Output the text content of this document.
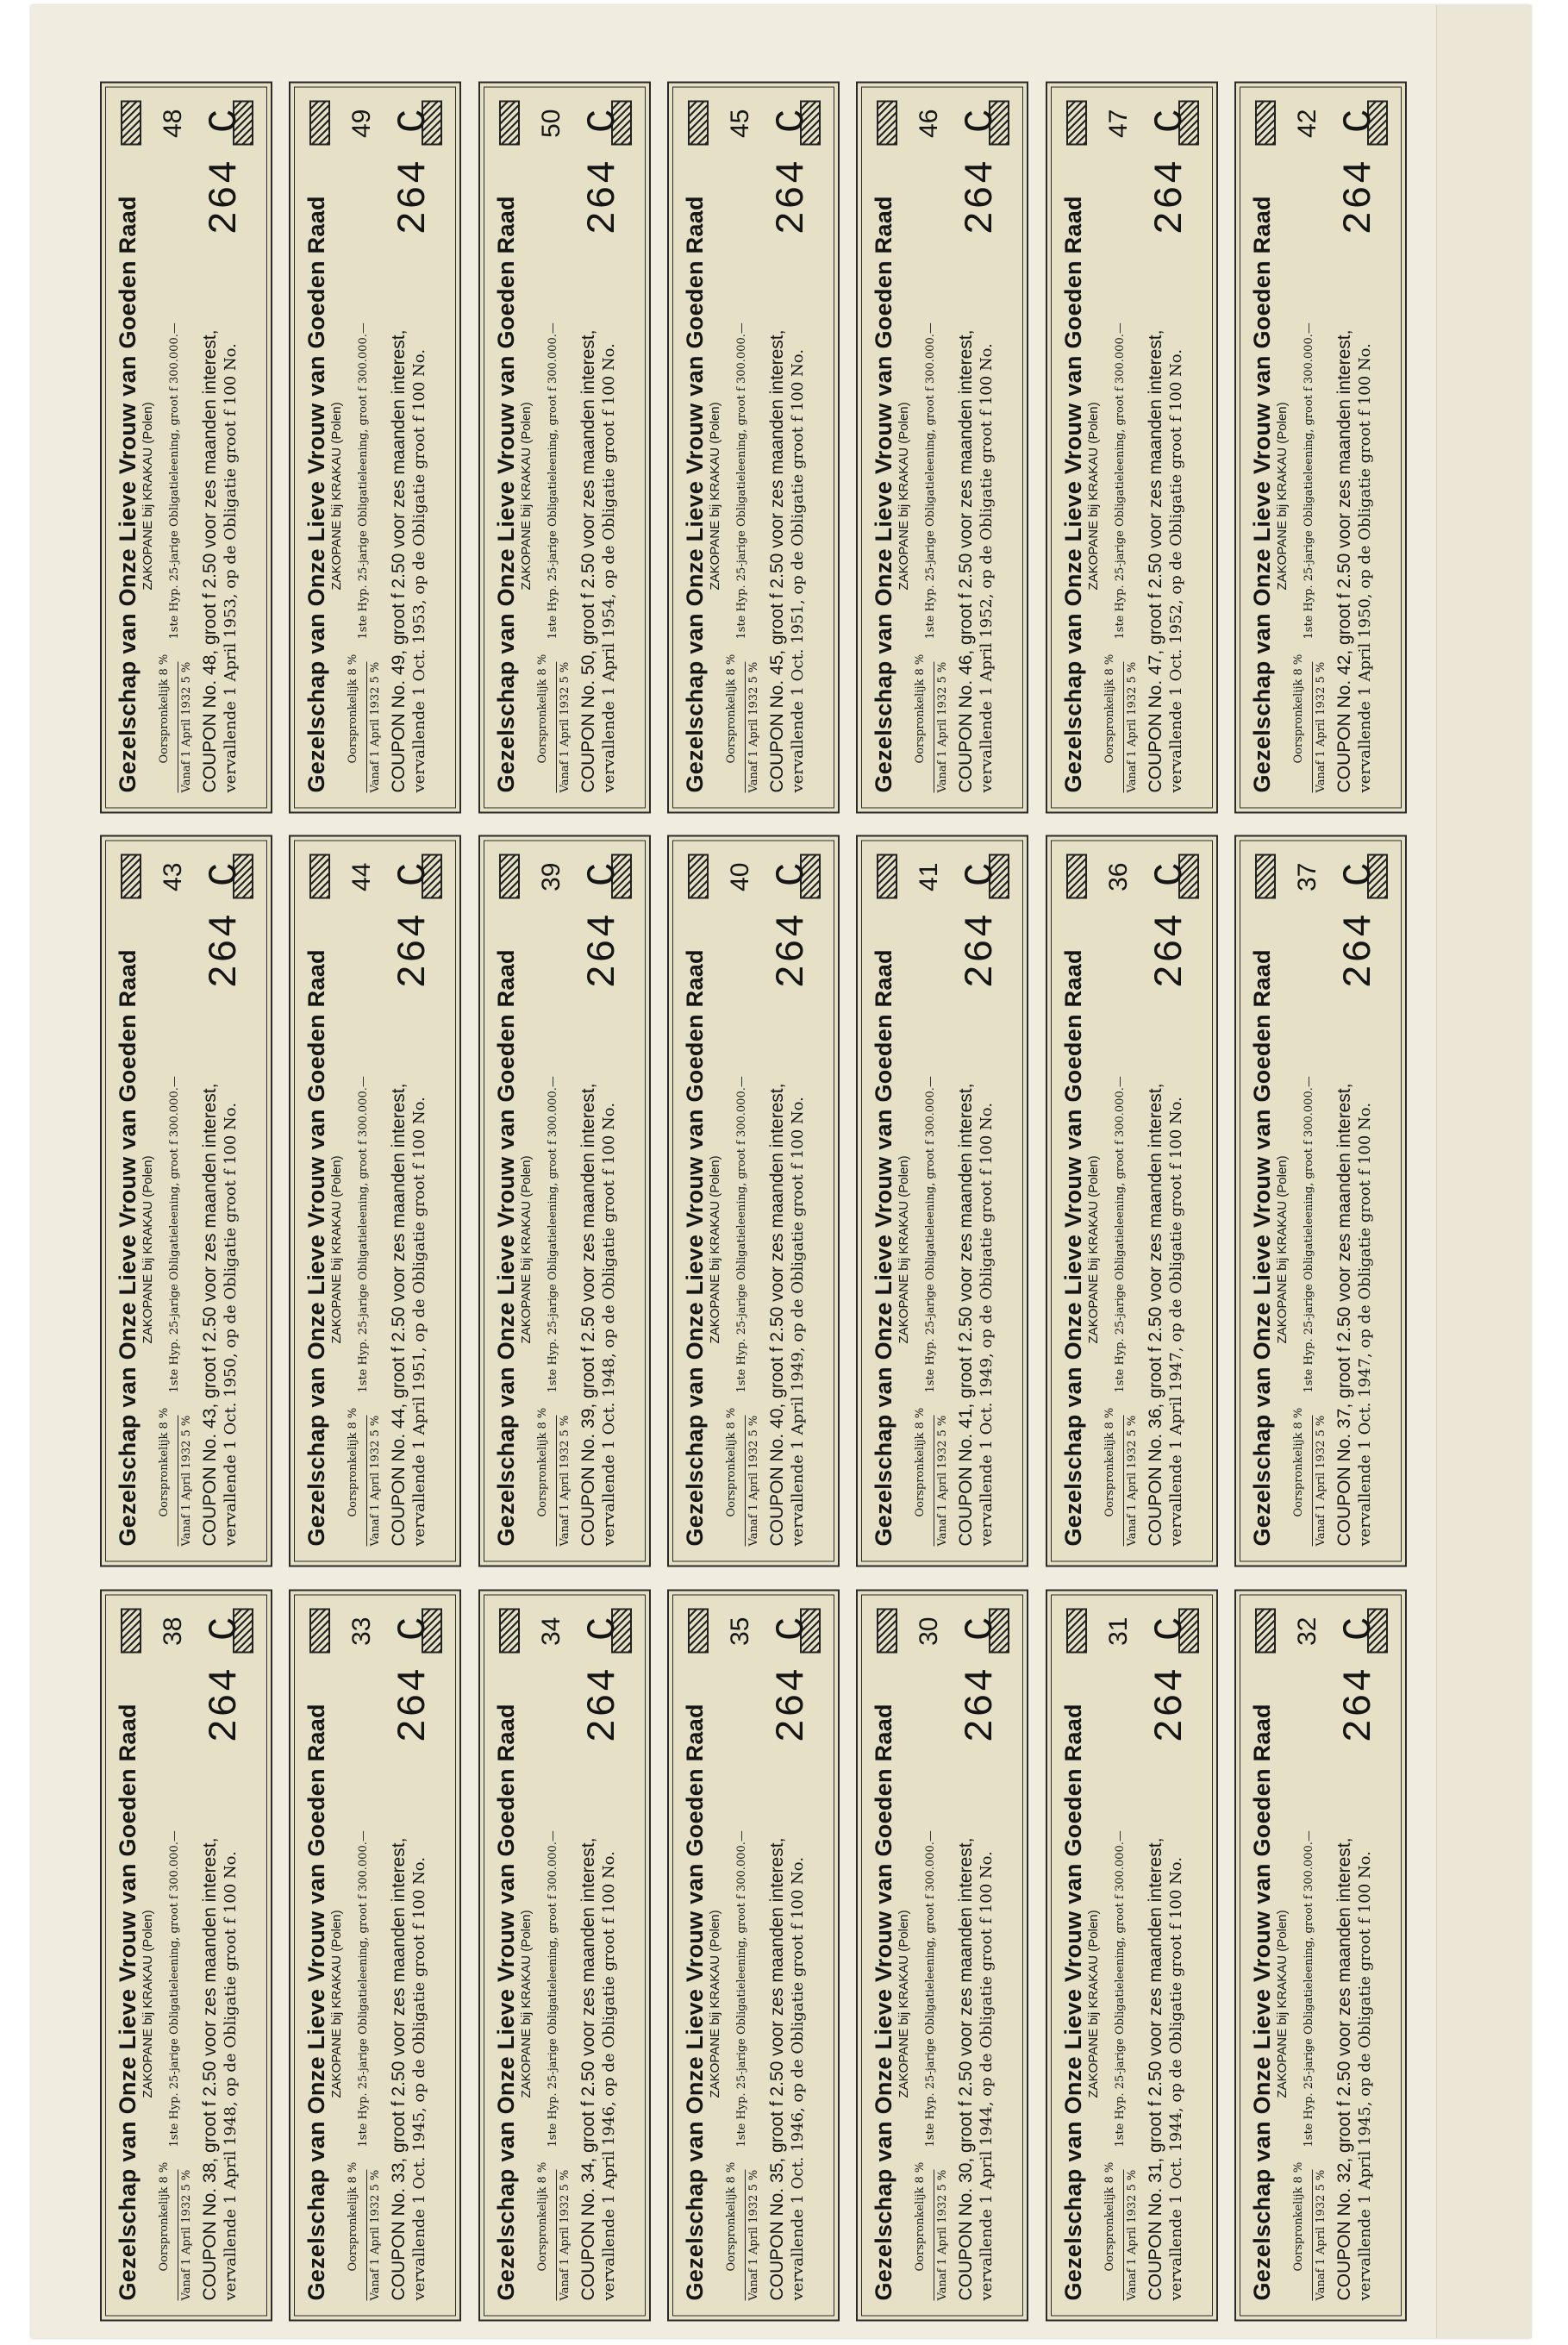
Gezelschap van Onze Lieve Vrouw van Goeden Raad ZAKOPANE bij KRAKAU (Polen)
Oorspronkelijk 8 % Vanaf 1 April 1932 5 %
1ste Hyp. 25-jarige Obligatieleening, groot f 300.000.—
COUPON No. 48, groot f 2.50 voor zes maanden interest,
vervallende 1 April 1953, op de Obligatie groot f 100 No.
48 264 C
Gezelschap van Onze Lieve Vrouw van Goeden Raad ZAKOPANE bij KRAKAU (Polen)
Oorspronkelijk 8 % Vanaf 1 April 1932 5 %
1ste Hyp. 25-jarige Obligatieleening, groot f 300.000.—
COUPON No. 49, groot f 2.50 voor zes maanden interest,
vervallende 1 Oct. 1953, op de Obligatie groot f 100 No.
49 264 C
Gezelschap van Onze Lieve Vrouw van Goeden Raad ZAKOPANE bij KRAKAU (Polen)
Oorspronkelijk 8 % Vanaf 1 April 1932 5 %
1ste Hyp. 25-jarige Obligatieleening, groot f 300.000.—
COUPON No. 50, groot f 2.50 voor zes maanden interest,
vervallende 1 April 1954, op de Obligatie groot f 100 No.
50 264 C
Gezelschap van Onze Lieve Vrouw van Goeden Raad ZAKOPANE bij KRAKAU (Polen)
Oorspronkelijk 8 % Vanaf 1 April 1932 5 %
1ste Hyp. 25-jarige Obligatieleening, groot f 300.000.—
COUPON No. 45, groot f 2.50 voor zes maanden interest,
vervallende 1 Oct. 1951, op de Obligatie groot f 100 No.
45 264 C
Gezelschap van Onze Lieve Vrouw van Goeden Raad ZAKOPANE bij KRAKAU (Polen)
Oorspronkelijk 8 % Vanaf 1 April 1932 5 %
1ste Hyp. 25-jarige Obligatieleening, groot f 300.000.—
COUPON No. 46, groot f 2.50 voor zes maanden interest,
vervallende 1 April 1952, op de Obligatie groot f 100 No.
46 264 C
Gezelschap van Onze Lieve Vrouw van Goeden Raad ZAKOPANE bij KRAKAU (Polen)
Oorspronkelijk 8 % Vanaf 1 April 1932 5 %
1ste Hyp. 25-jarige Obligatieleening, groot f 300.000.—
COUPON No. 47, groot f 2.50 voor zes maanden interest,
vervallende 1 Oct. 1952, op de Obligatie groot f 100 No.
47 264 C
Gezelschap van Onze Lieve Vrouw van Goeden Raad ZAKOPANE bij KRAKAU (Polen)
Oorspronkelijk 8 % Vanaf 1 April 1932 5 %
1ste Hyp. 25-jarige Obligatieleening, groot f 300.000.—
COUPON No. 42, groot f 2.50 voor zes maanden interest,
vervallende 1 April 1950, op de Obligatie groot f 100 No.
42 264 C
Gezelschap van Onze Lieve Vrouw van Goeden Raad ZAKOPANE bij KRAKAU (Polen)
Oorspronkelijk 8 % Vanaf 1 April 1932 5 %
1ste Hyp. 25-jarige Obligatieleening, groot f 300.000.—
COUPON No. 43, groot f 2.50 voor zes maanden interest,
vervallende 1 Oct. 1950, op de Obligatie groot f 100 No.
43 264 C
Gezelschap van Onze Lieve Vrouw van Goeden Raad ZAKOPANE bij KRAKAU (Polen)
Oorspronkelijk 8 % Vanaf 1 April 1932 5 %
1ste Hyp. 25-jarige Obligatieleening, groot f 300.000.—
COUPON No. 44, groot f 2.50 voor zes maanden interest,
vervallende 1 April 1951, op de Obligatie groot f 100 No.
44 264 C
Gezelschap van Onze Lieve Vrouw van Goeden Raad ZAKOPANE bij KRAKAU (Polen)
Oorspronkelijk 8 % Vanaf 1 April 1932 5 %
1ste Hyp. 25-jarige Obligatieleening, groot f 300.000.—
COUPON No. 39, groot f 2.50 voor zes maanden interest,
vervallende 1 Oct. 1948, op de Obligatie groot f 100 No.
39 264 C
Gezelschap van Onze Lieve Vrouw van Goeden Raad ZAKOPANE bij KRAKAU (Polen)
Oorspronkelijk 8 % Vanaf 1 April 1932 5 %
1ste Hyp. 25-jarige Obligatieleening, groot f 300.000.—
COUPON No. 40, groot f 2.50 voor zes maanden interest,
vervallende 1 April 1949, op de Obligatie groot f 100 No.
40 264 C
Gezelschap van Onze Lieve Vrouw van Goeden Raad ZAKOPANE bij KRAKAU (Polen)
Oorspronkelijk 8 % Vanaf 1 April 1932 5 %
1ste Hyp. 25-jarige Obligatieleening, groot f 300.000.—
COUPON No. 41, groot f 2.50 voor zes maanden interest,
vervallende 1 Oct. 1949, op de Obligatie groot f 100 No.
41 264 C
Gezelschap van Onze Lieve Vrouw van Goeden Raad ZAKOPANE bij KRAKAU (Polen)
Oorspronkelijk 8 % Vanaf 1 April 1932 5 %
1ste Hyp. 25-jarige Obligatieleening, groot f 300.000.—
COUPON No. 36, groot f 2.50 voor zes maanden interest,
vervallende 1 April 1947, op de Obligatie groot f 100 No.
36 264 C
Gezelschap van Onze Lieve Vrouw van Goeden Raad ZAKOPANE bij KRAKAU (Polen)
Oorspronkelijk 8 % Vanaf 1 April 1932 5 %
1ste Hyp. 25-jarige Obligatieleening, groot f 300.000.—
COUPON No. 37, groot f 2.50 voor zes maanden interest,
vervallende 1 Oct. 1947, op de Obligatie groot f 100 No.
37 264 C
Gezelschap van Onze Lieve Vrouw van Goeden Raad ZAKOPANE bij KRAKAU (Polen)
Oorspronkelijk 8 % Vanaf 1 April 1932 5 %
1ste Hyp. 25-jarige Obligatieleening, groot f 300.000.—
COUPON No. 38, groot f 2.50 voor zes maanden interest,
vervallende 1 April 1948, op de Obligatie groot f 100 No.
38 264 C
Gezelschap van Onze Lieve Vrouw van Goeden Raad ZAKOPANE bij KRAKAU (Polen)
Oorspronkelijk 8 % Vanaf 1 April 1932 5 %
1ste Hyp. 25-jarige Obligatieleening, groot f 300.000.—
COUPON No. 33, groot f 2.50 voor zes maanden interest,
vervallende 1 Oct. 1945, op de Obligatie groot f 100 No.
33 264 C
Gezelschap van Onze Lieve Vrouw van Goeden Raad ZAKOPANE bij KRAKAU (Polen)
Oorspronkelijk 8 % Vanaf 1 April 1932 5 %
1ste Hyp. 25-jarige Obligatieleening, groot f 300.000.—
COUPON No. 34, groot f 2.50 voor zes maanden interest,
vervallende 1 April 1946, op de Obligatie groot f 100 No.
34 264 C
Gezelschap van Onze Lieve Vrouw van Goeden Raad ZAKOPANE bij KRAKAU (Polen)
Oorspronkelijk 8 % Vanaf 1 April 1932 5 %
1ste Hyp. 25-jarige Obligatieleening, groot f 300.000.—
COUPON No. 35, groot f 2.50 voor zes maanden interest,
vervallende 1 Oct. 1946, op de Obligatie groot f 100 No.
35 264 C
Gezelschap van Onze Lieve Vrouw van Goeden Raad ZAKOPANE bij KRAKAU (Polen)
Oorspronkelijk 8 % Vanaf 1 April 1932 5 %
1ste Hyp. 25-jarige Obligatieleening, groot f 300.000.—
COUPON No. 30, groot f 2.50 voor zes maanden interest,
vervallende 1 April 1944, op de Obligatie groot f 100 No.
30 264 C
Gezelschap van Onze Lieve Vrouw van Goeden Raad ZAKOPANE bij KRAKAU (Polen)
Oorspronkelijk 8 % Vanaf 1 April 1932 5 %
1ste Hyp. 25-jarige Obligatieleening, groot f 300.000.—
COUPON No. 31, groot f 2.50 voor zes maanden interest,
vervallende 1 Oct. 1944, op de Obligatie groot f 100 No.
31 264 C
Gezelschap van Onze Lieve Vrouw van Goeden Raad ZAKOPANE bij KRAKAU (Polen)
Oorspronkelijk 8 % Vanaf 1 April 1932 5 %
1ste Hyp. 25-jarige Obligatieleening, groot f 300.000.—
COUPON No. 32, groot f 2.50 voor zes maanden interest,
vervallende 1 April 1945, op de Obligatie groot f 100 No.
32 264 C
